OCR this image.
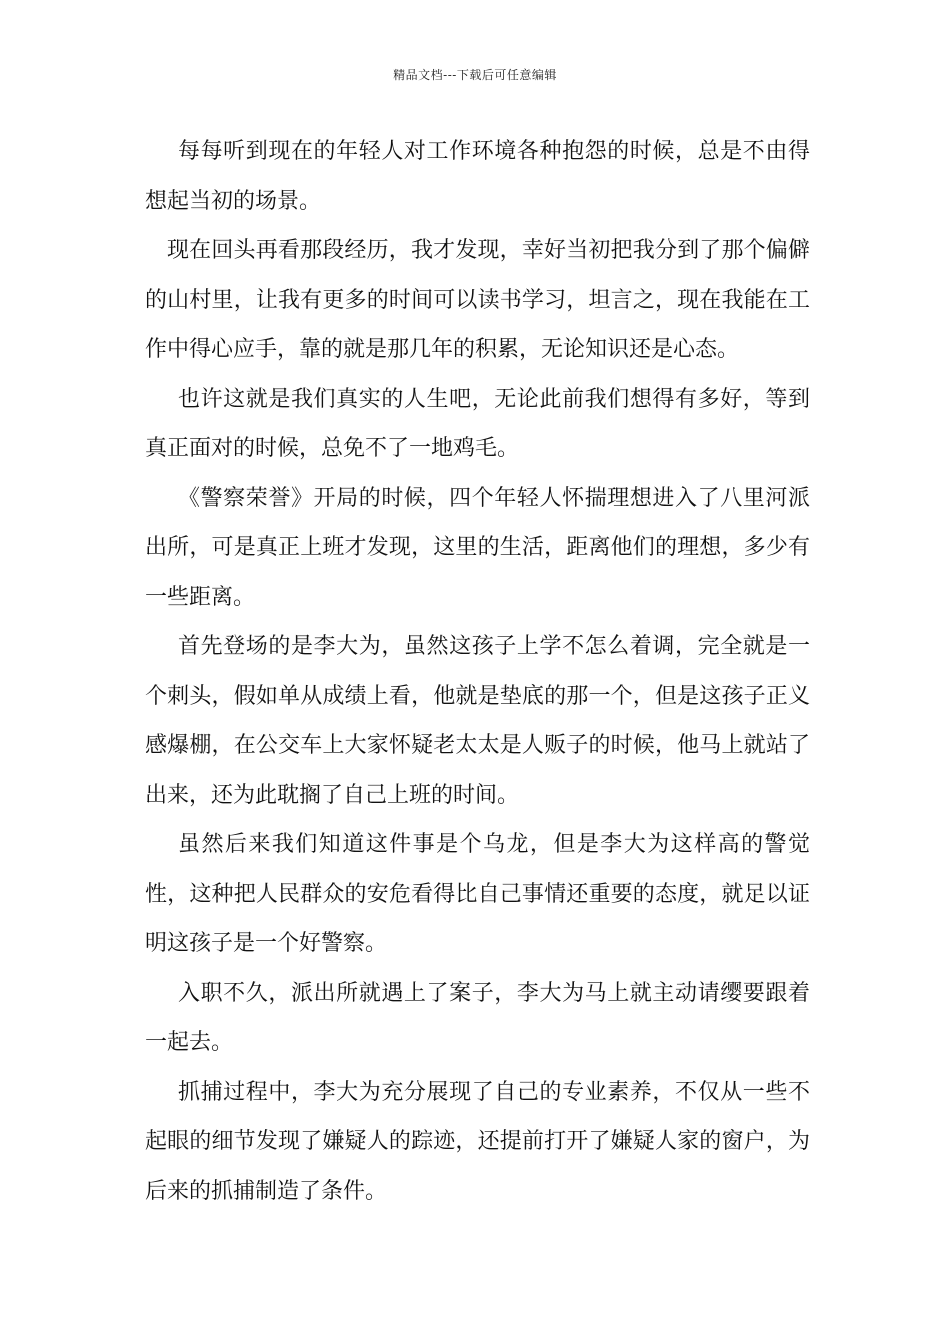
精品文档---下载后可任意编辑

每每听到现在的年轻人对工作环境各种抱怨的时候，总是不由得想起当初的场景。

现在回头再看那段经历，我才发现，幸好当初把我分到了那个偏僻的山村里，让我有更多的时间可以读书学习，坦言之，现在我能在工作中得心应手，靠的就是那几年的积累，无论知识还是心态。

也许这就是我们真实的人生吧，无论此前我们想得有多好，等到真正面对的时候，总免不了一地鸡毛。

《警察荣誉》开局的时候，四个年轻人怀揣理想进入了八里河派出所，可是真正上班才发现，这里的生活，距离他们的理想，多少有一些距离。

首先登场的是李大为，虽然这孩子上学不怎么着调，完全就是一个刺头，假如单从成绩上看，他就是垫底的那一个，但是这孩子正义感爆棚，在公交车上大家怀疑老太太是人贩子的时候，他马上就站了出来，还为此耽搁了自己上班的时间。

虽然后来我们知道这件事是个乌龙，但是李大为这样高的警觉性，这种把人民群众的安危看得比自己事情还重要的态度，就足以证明这孩子是一个好警察。

入职不久，派出所就遇上了案子，李大为马上就主动请缨要跟着一起去。

抓捕过程中，李大为充分展现了自己的专业素养，不仅从一些不起眼的细节发现了嫌疑人的踪迹，还提前打开了嫌疑人家的窗户，为后来的抓捕制造了条件。
